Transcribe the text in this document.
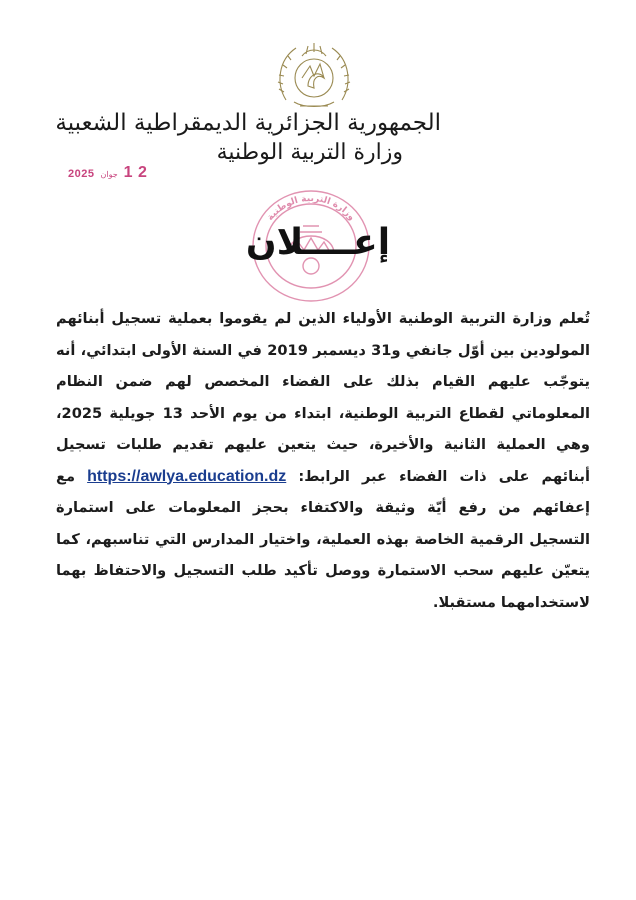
الجمهورية الجزائرية الديمقراطية الشعبية
وزارة التربية الوطنية
2025 جوان 1 2
وزارة التربية الوطنية
إعــــلان
تُعلم وزارة التربية الوطنية الأولياء الذين لم يقوموا بعملية تسجيل أبنائهم المولودين بين أوّل جانفي و31 ديسمبر 2019 في السنة الأولى ابتدائي، أنه يتوجّب عليهم القيام بذلك على الفضاء المخصص لهم ضمن النظام المعلوماتي لقطاع التربية الوطنية، ابتداء من يوم الأحد 13 جويلية 2025، وهي العملية الثانية والأخيرة، حيث يتعين عليهم تقديم طلبات تسجيل أبنائهم على ذات الفضاء عبر الرابط: https://awlya.education.dz مع إعفائهم من رفع أيّة وثيقة والاكتفاء بحجز المعلومات على استمارة التسجيل الرقمية الخاصة بهذه العملية، واختيار المدارس التي تناسبهم، كما يتعيّن عليهم سحب الاستمارة ووصل تأكيد طلب التسجيل والاحتفاظ بهما لاستخدامهما مستقبلا.
